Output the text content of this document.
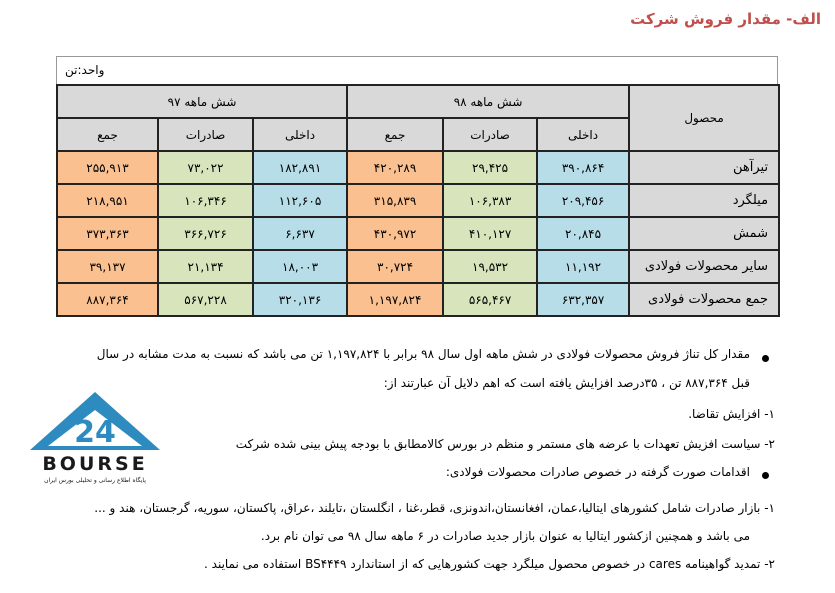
الف- مقدار فروش شرکت
واحد:تن
محصول	شش ماهه ۹۸			شش ماهه ۹۷		
	داخلی	صادرات	جمع	داخلی	صادرات	جمع
تیرآهن	۳۹۰,۸۶۴	۲۹,۴۲۵	۴۲۰,۲۸۹	۱۸۲,۸۹۱	۷۳,۰۲۲	۲۵۵,۹۱۳
میلگرد	۲۰۹,۴۵۶	۱۰۶,۳۸۳	۳۱۵,۸۳۹	۱۱۲,۶۰۵	۱۰۶,۳۴۶	۲۱۸,۹۵۱
شمش	۲۰,۸۴۵	۴۱۰,۱۲۷	۴۳۰,۹۷۲	۶,۶۳۷	۳۶۶,۷۲۶	۳۷۳,۳۶۳
سایر محصولات فولادی	۱۱,۱۹۲	۱۹,۵۳۲	۳۰,۷۲۴	۱۸,۰۰۳	۲۱,۱۳۴	۳۹,۱۳۷
جمع محصولات فولادی	۶۳۲,۳۵۷	۵۶۵,۴۶۷	۱,۱۹۷,۸۲۴	۳۲۰,۱۳۶	۵۶۷,۲۲۸	۸۸۷,۳۶۴
مقدار کل تناژ فروش محصولات فولادی در شش ماهه اول سال ۹۸ برابر با ۱,۱۹۷,۸۲۴ تن می باشد که نسبت به مدت مشابه در سال
قبل ۸۸۷,۳۶۴ تن ، ۳۵درصد افزایش یافته است که اهم دلایل آن عبارتند از:
۱- افزایش تقاضا.
۲- سیاست افزیش تعهدات با عرضه های مستمر و منظم در بورس کالامطابق با بودجه پیش بینی شده شرکت
اقدامات صورت گرفته در خصوص صادرات محصولات فولادی:
۱- بازار صادرات شامل کشورهای ایتالیا،عمان، افغانستان،اندونزی، قطر،غنا ، انگلستان ،تایلند ،عراق، پاکستان، سوریه، گرجستان، هند و ...
می باشد و همچنین ازکشور ایتالیا به عنوان بازار جدید صادرات در ۶ ماهه سال ۹۸ می توان نام برد.
۲- تمدید گواهینامه cares در خصوص محصول میلگرد جهت کشورهایی که از استاندارد BS۴۴۴۹ استفاده می نمایند .
24
BOURSE
پایگاه اطلاع رسانی و تحلیلی بورس ایران
